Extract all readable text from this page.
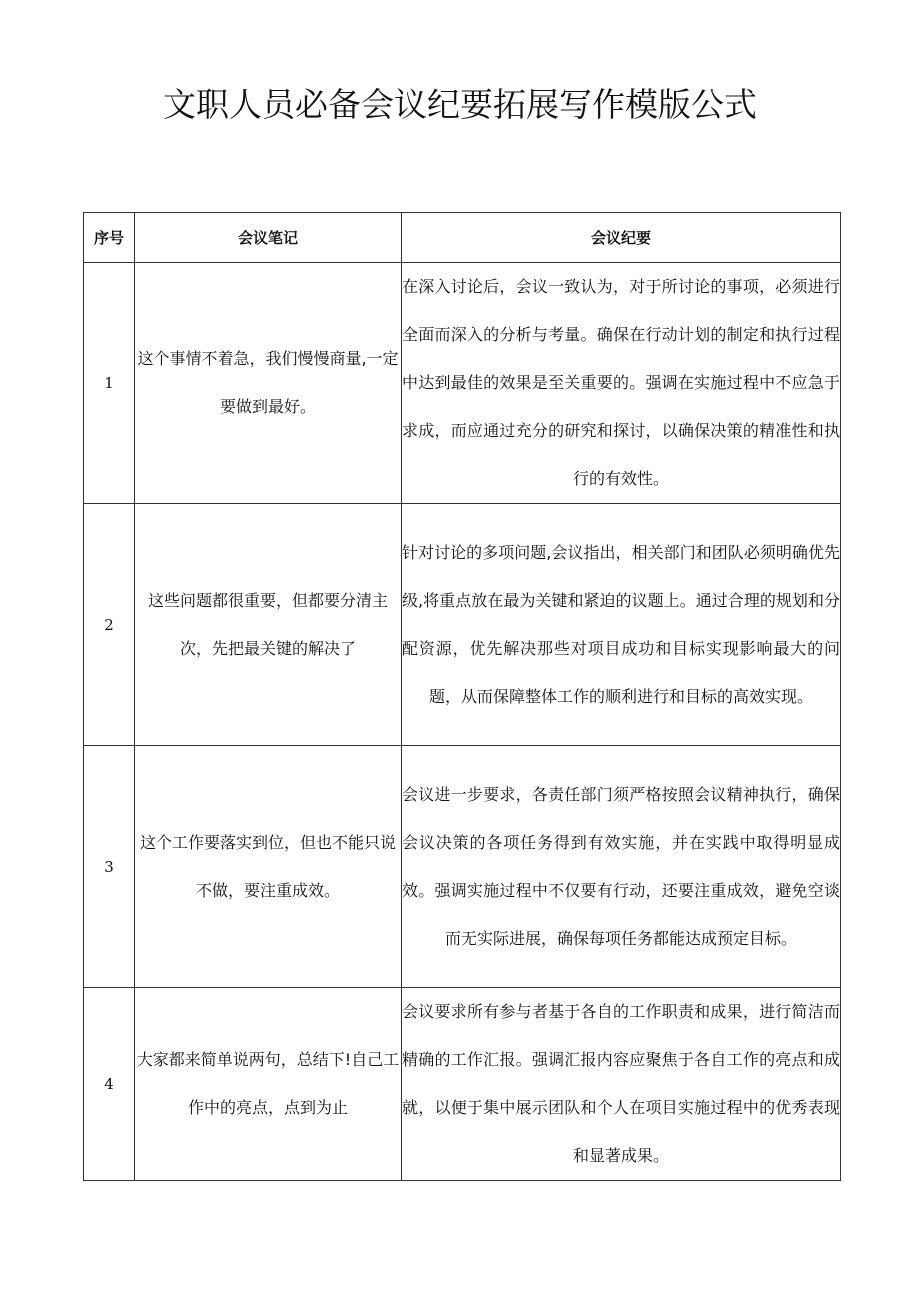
文职人员必备会议纪要拓展写作模版公式
序号	会议笔记	会议纪要
1	这个事情不着急，我们慢慢商量,一定要做到最好。	在深入讨论后，会议一致认为，对于所讨论的事项，必须进行全面而深入的分析与考量。确保在行动计划的制定和执行过程中达到最佳的效果是至关重要的。强调在实施过程中不应急于求成，而应通过充分的研究和探讨，以确保决策的精准性和执行的有效性。
2	这些问题都很重要，但都要分清主次，先把最关键的解决了	针对讨论的多项问题,会议指出，相关部门和团队必须明确优先级,将重点放在最为关键和紧迫的议题上。通过合理的规划和分配资源，优先解决那些对项目成功和目标实现影响最大的问题，从而保障整体工作的顺利进行和目标的高效实现。
3	这个工作要落实到位，但也不能只说不做，要注重成效。	会议进一步要求，各责任部门须严格按照会议精神执行，确保会议决策的各项任务得到有效实施，并在实践中取得明显成效。强调实施过程中不仅要有行动，还要注重成效，避免空谈而无实际进展，确保每项任务都能达成预定目标。
4	大家都来简单说两句，总结下!自己工作中的亮点，点到为止	会议要求所有参与者基于各自的工作职责和成果，进行简洁而精确的工作汇报。强调汇报内容应聚焦于各自工作的亮点和成就，以便于集中展示团队和个人在项目实施过程中的优秀表现和显著成果。
